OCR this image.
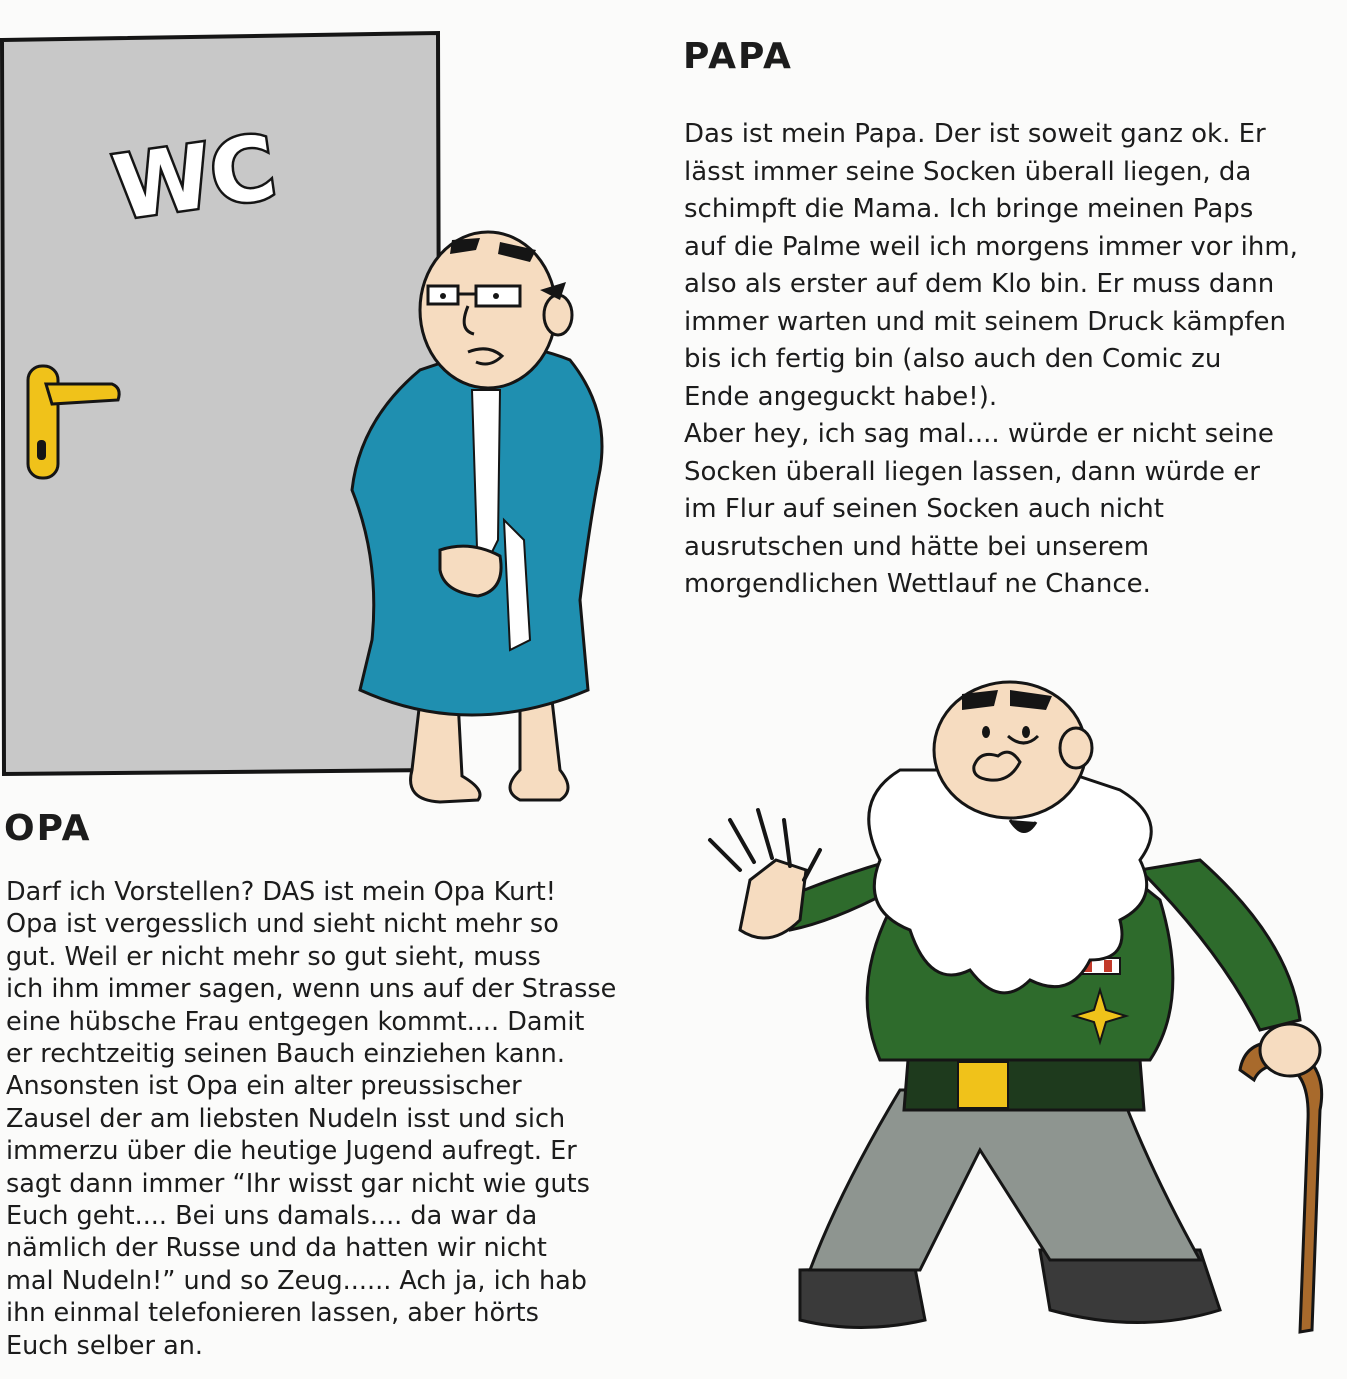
WC
PAPA
Das ist mein Papa. Der ist soweit ganz ok. Er
lässt immer seine Socken überall liegen, da
schimpft die Mama. Ich bringe meinen Paps
auf die Palme weil ich morgens immer vor ihm,
also als erster auf dem Klo bin. Er muss dann
immer warten und mit seinem Druck kämpfen
bis ich fertig bin (also auch den Comic zu
Ende angeguckt habe!).
Aber hey, ich sag mal.... würde er nicht seine
Socken überall liegen lassen, dann würde er
im Flur auf seinen Socken auch nicht
ausrutschen und hätte bei unserem
morgendlichen Wettlauf ne Chance.
OPA
Darf ich Vorstellen? DAS ist mein Opa Kurt!
Opa ist vergesslich und sieht nicht mehr so
gut. Weil er nicht mehr so gut sieht, muss
ich ihm immer sagen, wenn uns auf der Strasse
eine hübsche Frau entgegen kommt.... Damit
er rechtzeitig seinen Bauch einziehen kann.
Ansonsten ist Opa ein alter preussischer
Zausel der am liebsten Nudeln isst und sich
immerzu über die heutige Jugend aufregt. Er
sagt dann immer “Ihr wisst gar nicht wie guts
Euch geht.... Bei uns damals.... da war da
nämlich der Russe und da hatten wir nicht
mal Nudeln!” und so Zeug...... Ach ja, ich hab
ihn einmal telefonieren lassen, aber hörts
Euch selber an.
